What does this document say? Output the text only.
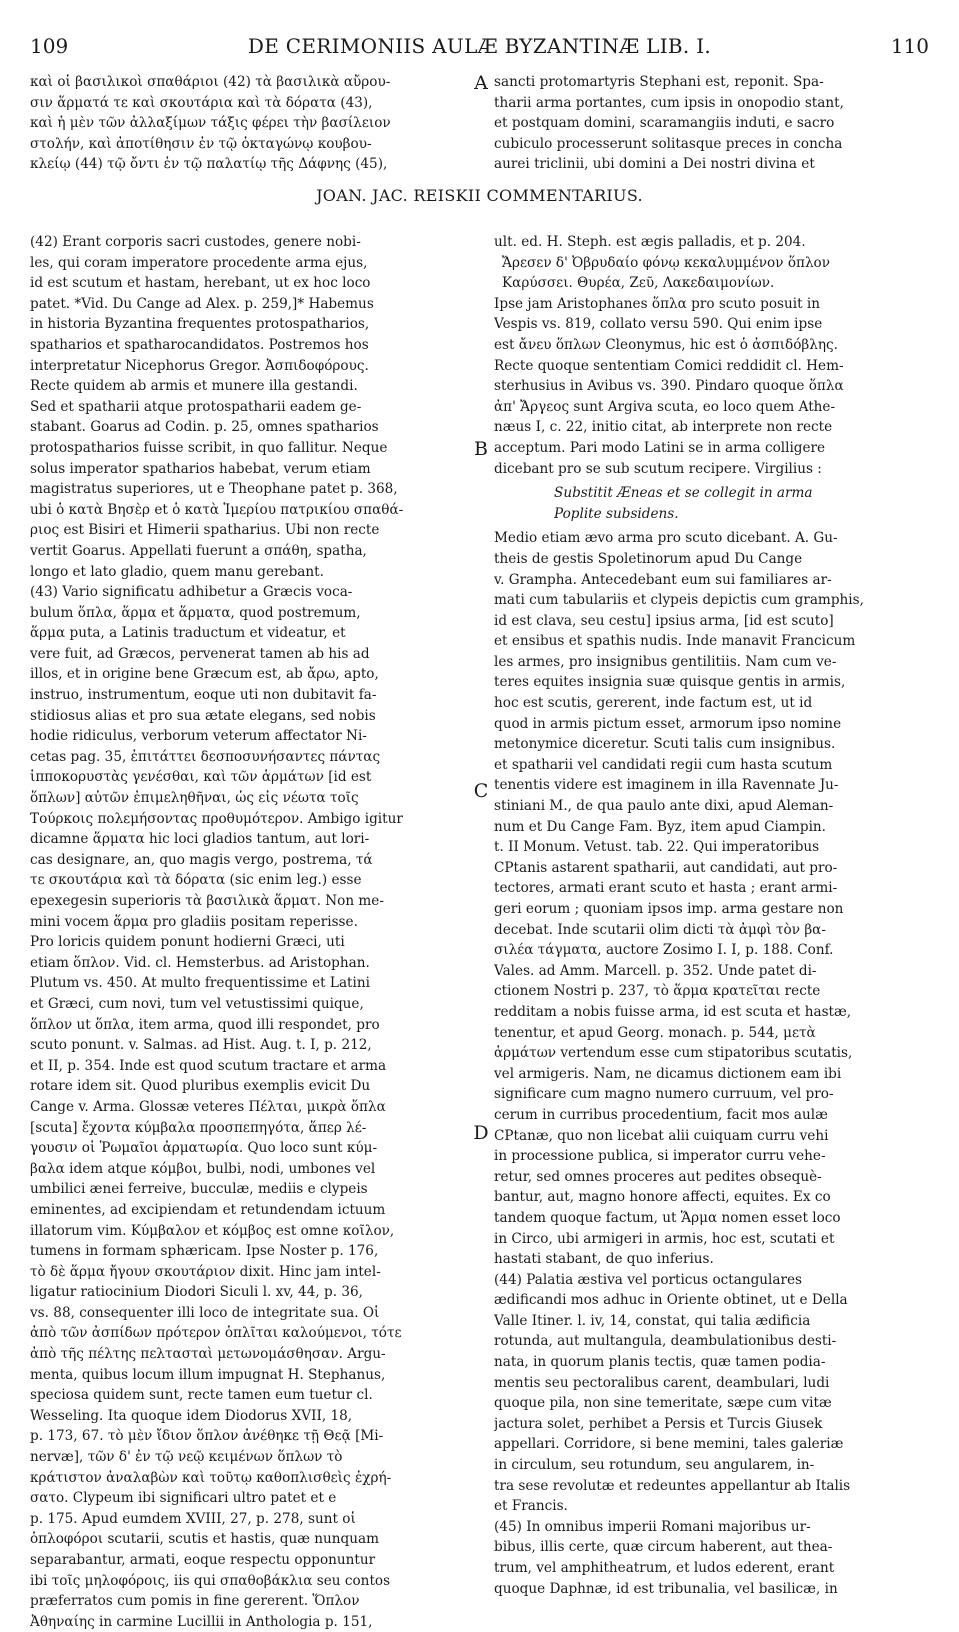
109	DE CERIMONIIS AULÆ BYZANTINÆ LIB. I.	110
καὶ οἱ βασιλικοὶ σπαθάριοι (42) τὰ βασιλικὰ αὔρου-
σιν ἅρματά τε καὶ σκουτάρια καὶ τὰ δόρατα (43),
καὶ ἡ μὲν τῶν ἀλλαξίμων τάξις φέρει τὴν βασίλειον
στολήν, καὶ ἀποτίθησιν ἐν τῷ ὀκταγώνῳ κουβου-
κλείῳ (44) τῷ ὄντι ἐν τῷ παλατίῳ τῆς Δάφνης (45),
sancti protomartyris Stephani est, reponit. Spa-
tharii arma portantes, cum ipsis in onopodio stant,
et postquam domini, scaramangiis induti, e sacro
cubiculo processerunt solitasque preces in concha
aurei triclinii, ubi domini a Dei nostri divina et
A
JOAN. JAC. REISKII COMMENTARIUS.
(42) Erant corporis sacri custodes, genere nobi-
les, qui coram imperatore procedente arma ejus,
id est scutum et hastam, herebant, ut ex hoc loco
patet. *Vid. Du Cange ad Alex. p. 259,]* Habemus
in historia Byzantina frequentes protospatharios,
spatharios et spatharocandidatos. Postremos hos
interpretatur Nicephorus Gregor. Ἀσπιδοφόρους.
Recte quidem ab armis et munere illa gestandi.
Sed et spatharii atque protospatharii eadem ge-
stabant. Goarus ad Codin. p. 25, omnes spatharios
protospatharios fuisse scribit, in quo fallitur. Neque
solus imperator spatharios habebat, verum etiam
magistratus superiores, ut e Theophane patet p. 368,
ubi ὁ κατὰ Βησὲρ et ὁ κατὰ Ἱμερίου πατρικίου σπαθά-
ριος est Bisiri et Himerii spatharius. Ubi non recte
vertit Goarus. Appellati fuerunt a σπάθη, spatha,
longo et lato gladio, quem manu gerebant.
(43) Vario significatu adhibetur a Græcis voca-
bulum ὅπλα, ἅρμα et ἅρματα, quod postremum,
ἅρμα puta, a Latinis traductum et videatur, et
vere fuit, ad Græcos, pervenerat tamen ab his ad
illos, et in origine bene Græcum est, ab ἄρω, apto,
instruo, instrumentum, eoque uti non dubitavit fa-
stidiosus alias et pro sua ætate elegans, sed nobis
hodie ridiculus, verborum veterum affectator Ni-
cetas pag. 35, ἐπιτάττει δεσποσυνήσαντες πάντας
ἱπποκορυστὰς γενέσθαι, καὶ τῶν ἁρμάτων [id est
ὅπλων] αὐτῶν ἐπιμεληθῆναι, ὡς εἰς νέωτα τοῖς
Τούρκοις πολεμήσοντας προθυμότερον. Ambigo igitur
dicamne ἅρματα hic loci gladios tantum, aut lori-
cas designare, an, quo magis vergo, postrema, τά
τε σκουτάρια καὶ τὰ δόρατα (sic enim leg.) esse
epexegesin superioris τὰ βασιλικὰ ἅρματ. Non me-
mini vocem ἅρμα pro gladiis positam reperisse.
Pro loricis quidem ponunt hodierni Græci, uti
etiam ὅπλον. Vid. cl. Hemsterbus. ad Aristophan.
Plutum vs. 450. At multo frequentissime et Latini
et Græci, cum novi, tum vel vetustissimi quique,
ὅπλον ut ὅπλα, item arma, quod illi respondet, pro
scuto ponunt. v. Salmas. ad Hist. Aug. t. I, p. 212,
et II, p. 354. Inde est quod scutum tractare et arma
rotare idem sit. Quod pluribus exemplis evicit Du
Cange v. Arma. Glossæ veteres Πέλται, μικρὰ ὅπλα
[scuta] ἔχοντα κύμβαλα προσπεπηγότα, ἅπερ λέ-
γουσιν οἱ Ῥωμαῖοι ἀρματωρία. Quo loco sunt κύμ-
βαλα idem atque κόμβοι, bulbi, nodi, umbones vel
umbilici ænei ferreive, bucculæ, mediis e clypeis
eminentes, ad excipiendam et retundendam ictuum
illatorum vim. Κύμβαλον et κόμβος est omne κοῖλον,
tumens in formam sphæricam. Ipse Noster p. 176,
τὸ δὲ ἅρμα ἤγουν σκουτάριον dixit. Hinc jam intel-
ligatur ratiocinium Diodori Siculi l. xv, 44, p. 36,
vs. 88, consequenter illi loco de integritate sua. Οἱ
ἀπὸ τῶν ἀσπίδων πρότερον ὁπλῖται καλούμενοι, τότε
ἀπὸ τῆς πέλτης πελτασταὶ μετωνομάσθησαν. Argu-
menta, quibus locum illum impugnat H. Stephanus,
speciosa quidem sunt, recte tamen eum tuetur cl.
Wesseling. Ita quoque idem Diodorus XVII, 18,
p. 173, 67. τὸ μὲν ἴδιον ὅπλον ἀνέθηκε τῇ Θεᾷ [Mi-
nervæ], τῶν δ' ἐν τῷ νεῷ κειμένων ὅπλων τὸ
κράτιστον ἀναλαβὼν καὶ τοῦτῳ καθοπλισθεὶς ἐχρή-
σατο. Clypeum ibi significari ultro patet et e
p. 175. Apud eumdem XVIII, 27, p. 278, sunt οἱ
ὁπλοφόροι scutarii, scutis et hastis, quæ nunquam
separabantur, armati, eoque respectu opponuntur
ibi τοῖς μηλοφόροις, iis qui σπαθοβάκλια seu contos
præferratos cum pomis in fine gererent. Ὅπλον
Ἀθηναίης in carmine Lucillii in Anthologia p. 151,
ult. ed. H. Steph. est ægis palladis, et p. 204.
Ἄρεσεν δ' Ὀβρυδαίο φόνῳ κεκαλυμμένον ὅπλον
Καρύσσει. Θυρέα, Ζεῦ, Λακεδαιμονίων.
Ipse jam Aristophanes ὅπλα pro scuto posuit in
Vespis vs. 819, collato versu 590. Qui enim ipse
est ἄνευ ὅπλων Cleonymus, hic est ὁ ἀσπιδόβλης.
Recte quoque sententiam Comici reddidit cl. Hem-
sterhusius in Avibus vs. 390. Pindaro quoque ὅπλα
ἀπ' Ἄργεος sunt Argiva scuta, eo loco quem Athe-
næus I, c. 22, initio citat, ab interprete non recte
acceptum. Pari modo Latini se in arma colligere
dicebant pro se sub scutum recipere. Virgilius :
Substitit Æneas et se collegit in arma
Poplite subsidens.
Medio etiam ævo arma pro scuto dicebant. A. Gu-
theis de gestis Spoletinorum apud Du Cange
v. Grampha. Antecedebant eum sui familiares ar-
mati cum tabulariis et clypeis depictis cum gramphis,
id est clava, seu cestu] ipsius arma, [id est scuto]
et ensibus et spathis nudis. Inde manavit Francicum
les armes, pro insignibus gentilitiis. Nam cum ve-
teres equites insignia suæ quisque gentis in armis,
hoc est scutis, gererent, inde factum est, ut id
quod in armis pictum esset, armorum ipso nomine
metonymice diceretur. Scuti talis cum insignibus.
et spatharii vel candidati regii cum hasta scutum
tenentis videre est imaginem in illa Ravennate Ju-
stiniani M., de qua paulo ante dixi, apud Aleman-
num et Du Cange Fam. Byz, item apud Ciampin.
t. II Monum. Vetust. tab. 22. Qui imperatoribus
CPtanis astarent spatharii, aut candidati, aut pro-
tectores, armati erant scuto et hasta ; erant armi-
geri eorum ; quoniam ipsos imp. arma gestare non
decebat. Inde scutarii olim dicti τὰ ἀμφὶ τὸν βα-
σιλέα τάγματα, auctore Zosimo I. I, p. 188. Conf.
Vales. ad Amm. Marcell. p. 352. Unde patet di-
ctionem Nostri p. 237, τὸ ἅρμα κρατεῖται recte
redditam a nobis fuisse arma, id est scuta et hastæ,
tenentur, et apud Georg. monach. p. 544, μετὰ
ἁρμάτων vertendum esse cum stipatoribus scutatis,
vel armigeris. Nam, ne dicamus dictionem eam ibi
significare cum magno numero curruum, vel pro-
cerum in curribus procedentium, facit mos aulæ
CPtanæ, quo non licebat alii cuiquam curru vehi
in processione publica, si imperator curru vehe-
retur, sed omnes proceres aut pedites obsequè-
bantur, aut, magno honore affecti, equites. Ex co
tandem quoque factum, ut Ἅρμα nomen esset loco
in Circo, ubi armigeri in armis, hoc est, scutati et
hastati stabant, de quo inferius.
(44) Palatia æstiva vel porticus octangulares
ædificandi mos adhuc in Oriente obtinet, ut e Della
Valle Itiner. l. iv, 14, constat, qui talia ædificia
rotunda, aut multangula, deambulationibus desti-
nata, in quorum planis tectis, quæ tamen podia-
mentis seu pectoralibus carent, deambulari, ludi
quoque pila, non sine temeritate, sæpe cum vitæ
jactura solet, perhibet a Persis et Turcis Giusek
appellari. Corridore, si bene memini, tales galeriæ
in circulum, seu rotundum, seu angularem, in-
tra sese revolutæ et redeuntes appellantur ab Italis
et Francis.
(45) In omnibus imperii Romani majoribus ur-
bibus, illis certe, quæ circum haberent, aut thea-
trum, vel amphitheatrum, et ludos ederent, erant
quoque Daphnæ, id est tribunalia, vel basilicæ, in
B
C
D
